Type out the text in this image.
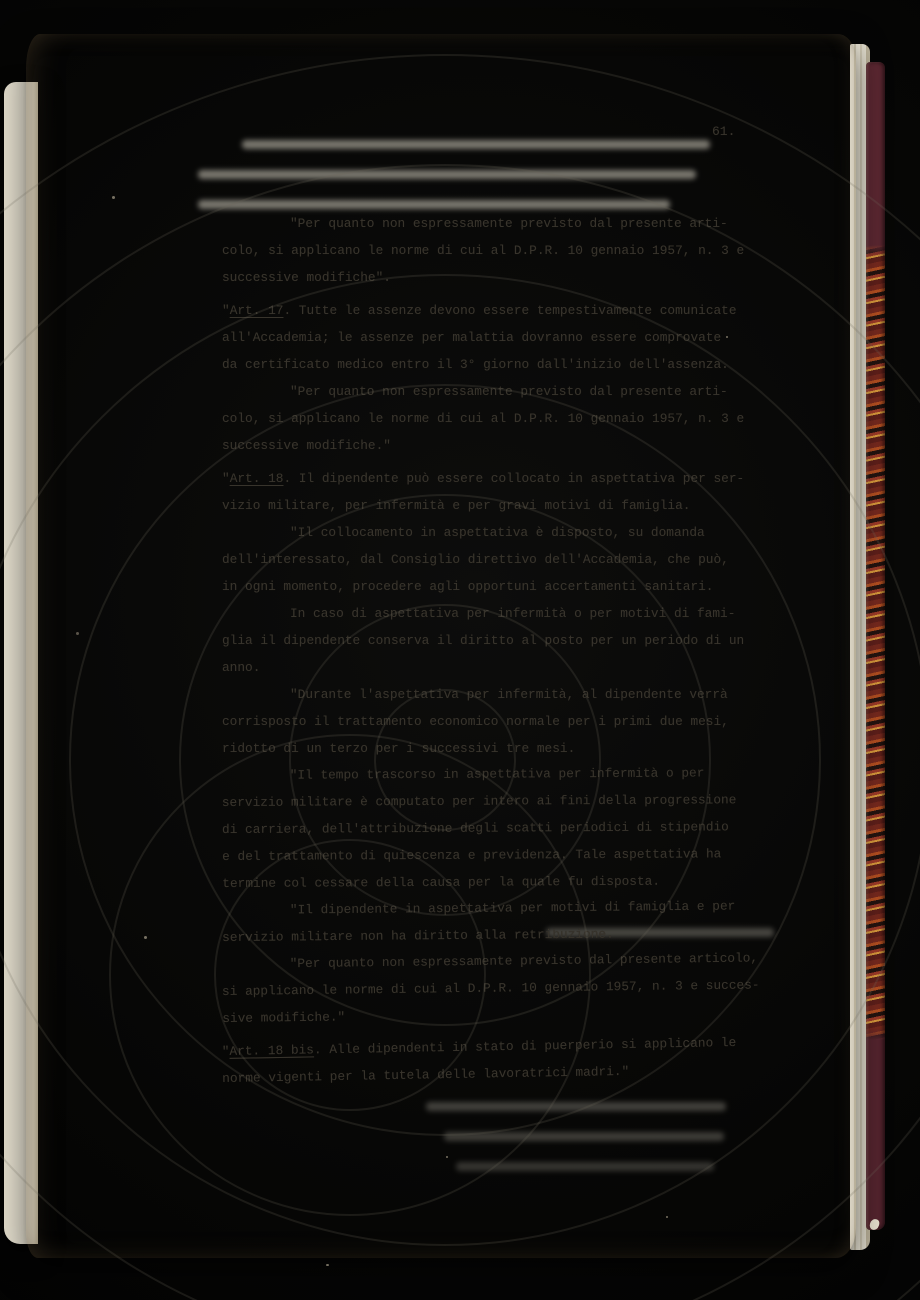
61.

"Per quanto non espressamente previsto dal presente arti-
colo, si applicano le norme di cui al D.P.R. 10 gennaio 1957, n. 3 e
successive modifiche".

"Art. 17. Tutte le assenze devono essere tempestivamente comunicate
all'Accademia; le assenze per malattia dovranno essere comprovate
da certificato medico entro il 3° giorno dall'inizio dell'assenza.

"Per quanto non espressamente previsto dal presente arti-
colo, si applicano le norme di cui al D.P.R. 10 gennaio 1957, n. 3 e
successive modifiche."

"Art. 18. Il dipendente può essere collocato in aspettativa per ser-
vizio militare, per infermità e per gravi motivi di famiglia.

"Il collocamento in aspettativa è disposto, su domanda
dell'interessato, dal Consiglio direttivo dell'Accademia, che può,
in ogni momento, procedere agli opportuni accertamenti sanitari.

In caso di aspettativa per infermità o per motivi di fami-
glia il dipendente conserva il diritto al posto per un periodo di un
anno.

"Durante l'aspettativa per infermità, al dipendente verrà
corrisposto il trattamento economico normale per i primi due mesi,
ridotto di un terzo per i successivi tre mesi.

"Il tempo trascorso in aspettativa per infermità o per
servizio militare è computato per intero ai fini della progressione
di carriera, dell'attribuzione degli scatti periodici di stipendio
e del trattamento di quiescenza e previdenza. Tale aspettativa ha
termine col cessare della causa per la quale fu disposta.

"Il dipendente in aspettativa per motivi di famiglia e per
servizio militare non ha diritto alla retribuzione.

"Per quanto non espressamente previsto dal presente articolo,
si applicano le norme di cui al D.P.R. 10 gennaio 1957, n. 3 e succes-
sive modifiche."

"Art. 18 bis. Alle dipendenti in stato di puerperio si applicano le
norme vigenti per la tutela delle lavoratrici madri."
